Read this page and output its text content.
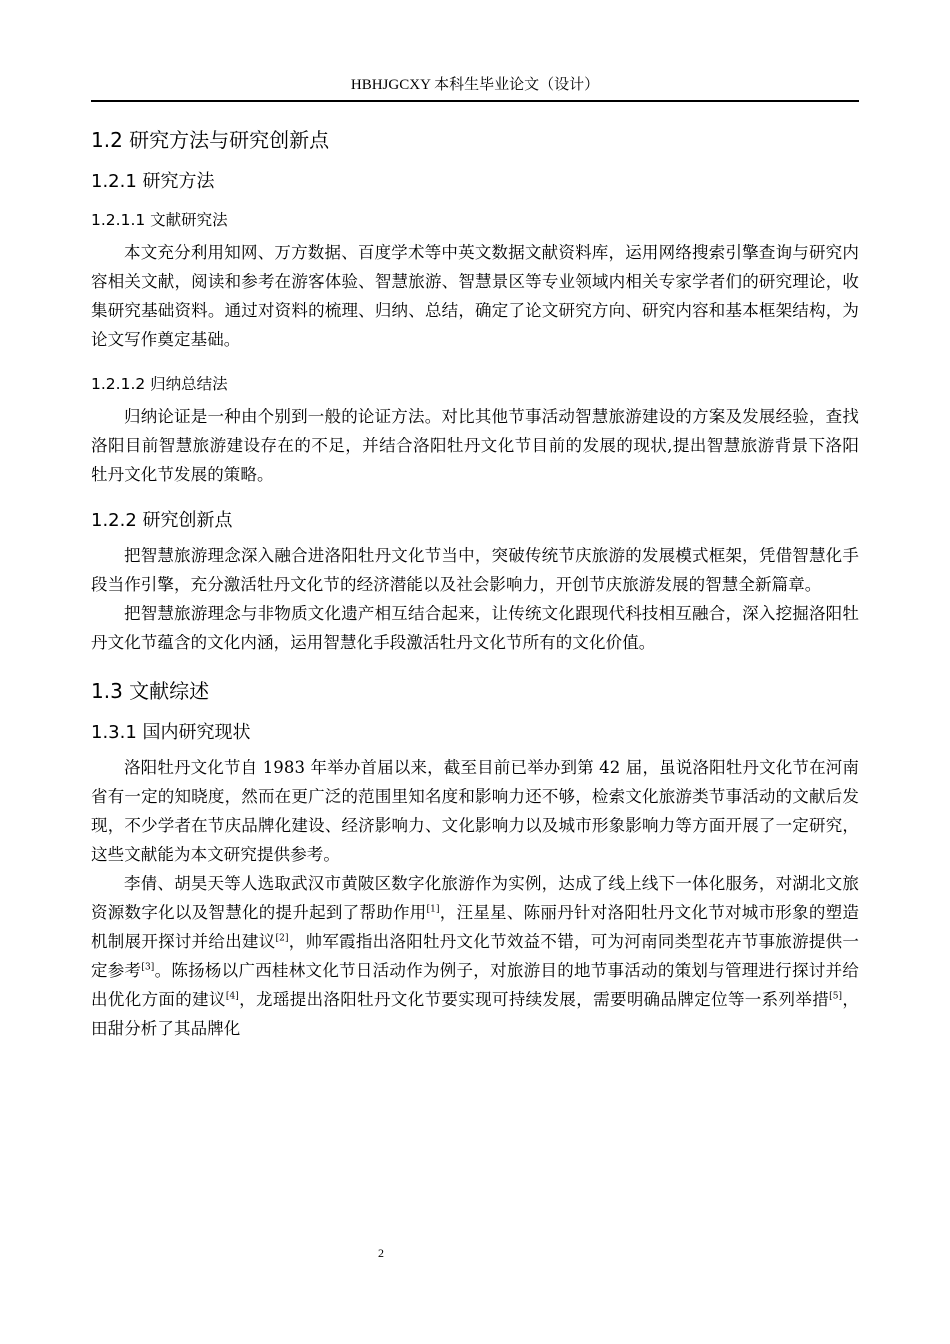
HBHJGCXY 本科生毕业论文（设计）
1.2 研究方法与研究创新点
1.2.1 研究方法
1.2.1.1 文献研究法

本文充分利用知网、万方数据、百度学术等中英文数据文献资料库，运用网络搜索引擎查询与研究内容相关文献，阅读和参考在游客体验、智慧旅游、智慧景区等专业领域内相关专家学者们的研究理论，收集研究基础资料。通过对资料的梳理、归纳、总结，确定了论文研究方向、研究内容和基本框架结构，为论文写作奠定基础。

1.2.1.2 归纳总结法

归纳论证是一种由个别到一般的论证方法。对比其他节事活动智慧旅游建设的方案及发展经验，查找洛阳目前智慧旅游建设存在的不足，并结合洛阳牡丹文化节目前的发展的现状,提出智慧旅游背景下洛阳牡丹文化节发展的策略。

1.2.2 研究创新点

把智慧旅游理念深入融合进洛阳牡丹文化节当中，突破传统节庆旅游的发展模式框架，凭借智慧化手段当作引擎，充分激活牡丹文化节的经济潜能以及社会影响力，开创节庆旅游发展的智慧全新篇章。

把智慧旅游理念与非物质文化遗产相互结合起来，让传统文化跟现代科技相互融合，深入挖掘洛阳牡丹文化节蕴含的文化内涵，运用智慧化手段激活牡丹文化节所有的文化价值。

1.3 文献综述
1.3.1 国内研究现状

洛阳牡丹文化节自 1983 年举办首届以来，截至目前已举办到第 42 届，虽说洛阳牡丹文化节在河南省有一定的知晓度，然而在更广泛的范围里知名度和影响力还不够，检索文化旅游类节事活动的文献后发现，不少学者在节庆品牌化建设、经济影响力、文化影响力以及城市形象影响力等方面开展了一定研究，这些文献能为本文研究提供参考。

李倩、胡昊天等人选取武汉市黄陂区数字化旅游作为实例，达成了线上线下一体化服务，对湖北文旅资源数字化以及智慧化的提升起到了帮助作用[1]，汪星星、陈丽丹针对洛阳牡丹文化节对城市形象的塑造机制展开探讨并给出建议[2]，帅军霞指出洛阳牡丹文化节效益不错，可为河南同类型花卉节事旅游提供一定参考[3]。陈扬杨以广西桂林文化节日活动作为例子，对旅游目的地节事活动的策划与管理进行探讨并给出优化方面的建议[4]，龙瑶提出洛阳牡丹文化节要实现可持续发展，需要明确品牌定位等一系列举措[5]，田甜分析了其品牌化

2
